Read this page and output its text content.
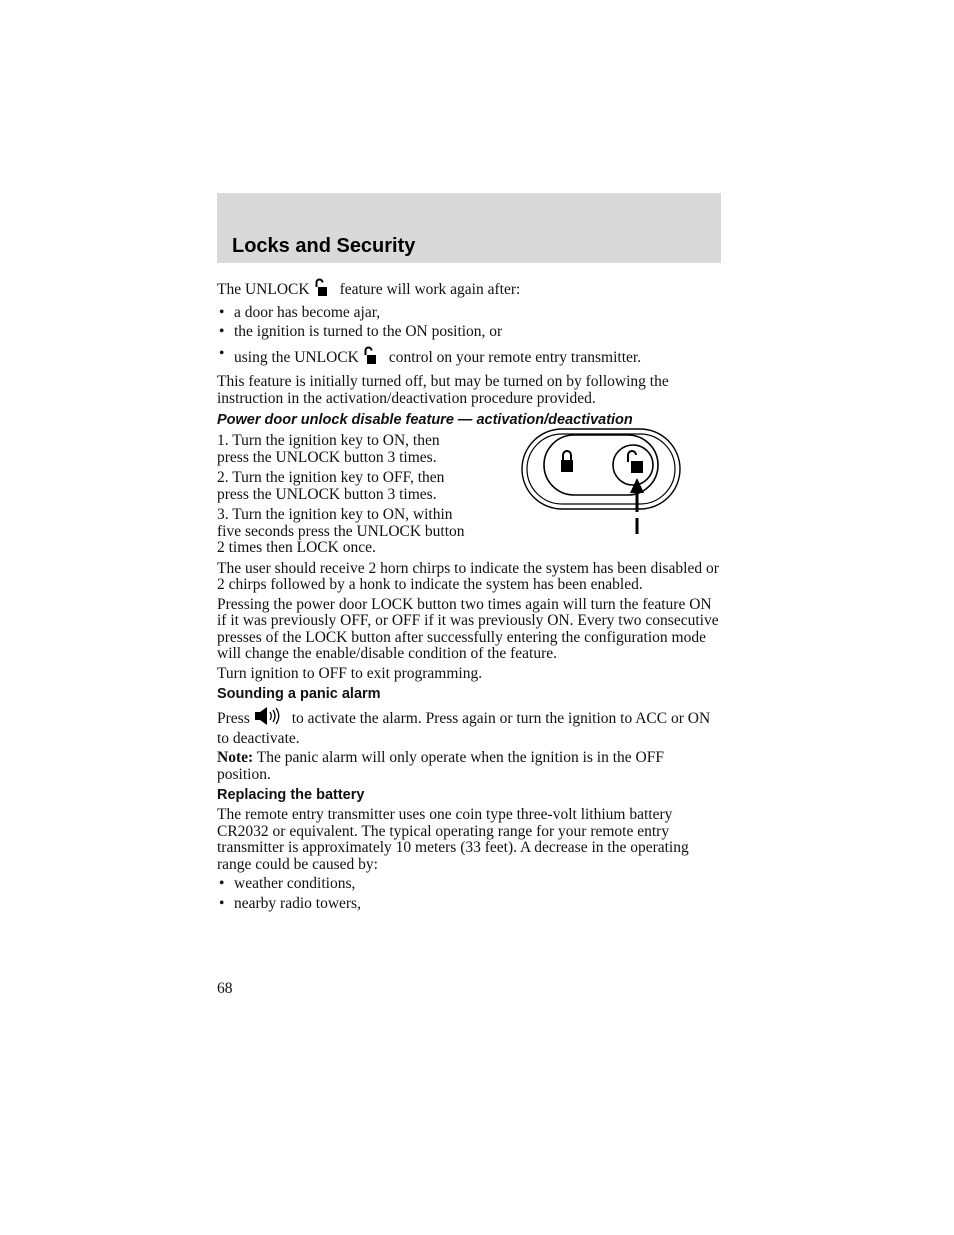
Locks and Security

The UNLOCK feature will work again after:

• a door has become ajar,
• the ignition is turned to the ON position, or
• using the UNLOCK control on your remote entry transmitter.

This feature is initially turned off, but may be turned on by following the instruction in the activation/deactivation procedure provided.

Power door unlock disable feature — activation/deactivation

1. Turn the ignition key to ON, then press the UNLOCK button 3 times.

2. Turn the ignition key to OFF, then press the UNLOCK button 3 times.

3. Turn the ignition key to ON, within five seconds press the UNLOCK button 2 times then LOCK once.

The user should receive 2 horn chirps to indicate the system has been disabled or 2 chirps followed by a honk to indicate the system has been enabled.

Pressing the power door LOCK button two times again will turn the feature ON if it was previously OFF, or OFF if it was previously ON. Every two consecutive presses of the LOCK button after successfully entering the configuration mode will change the enable/disable condition of the feature.

Turn ignition to OFF to exit programming.

Sounding a panic alarm

Press	to activate the alarm. Press again or turn the ignition to ACC or ON to deactivate.

Note: The panic alarm will only operate when the ignition is in the OFF position.

Replacing the battery

The remote entry transmitter uses one coin type three-volt lithium battery CR2032 or equivalent. The typical operating range for your remote entry transmitter is approximately 10 meters (33 feet). A decrease in the operating range could be caused by:

• weather conditions,
• nearby radio towers,
68
